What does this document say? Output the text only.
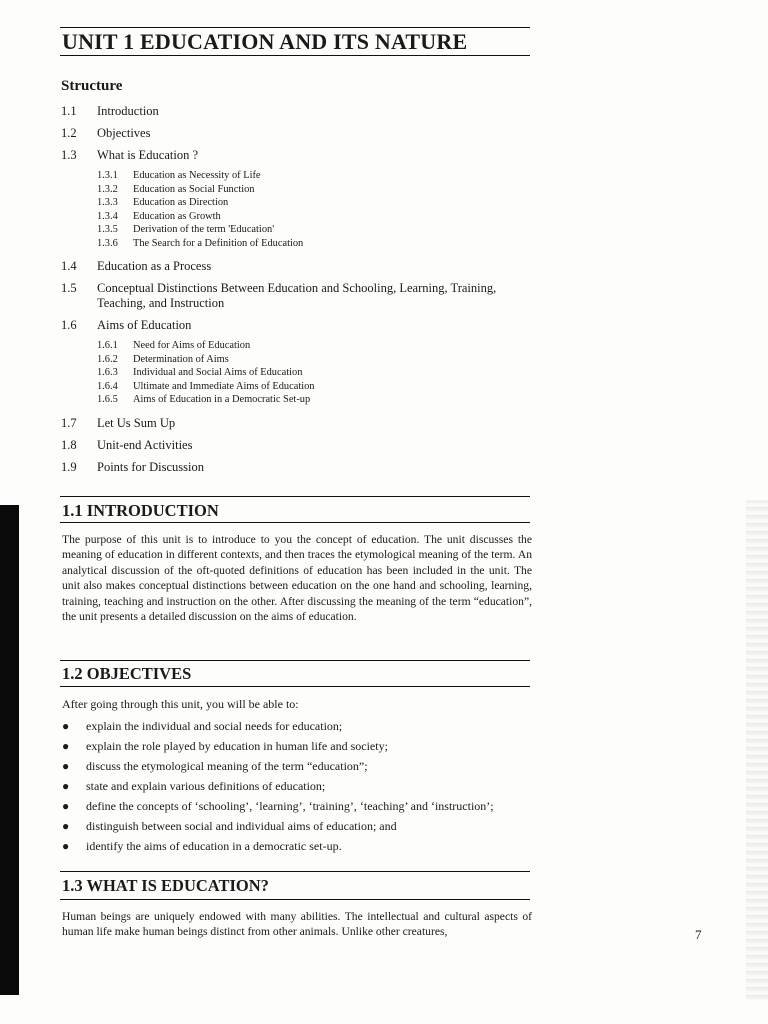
UNIT 1 EDUCATION AND ITS NATURE
Structure
1.1 Introduction
1.2 Objectives
1.3 What is Education ?
1.3.1 Education as Necessity of Life
1.3.2 Education as Social Function
1.3.3 Education as Direction
1.3.4 Education as Growth
1.3.5 Derivation of the term 'Education'
1.3.6 The Search for a Definition of Education
1.4 Education as a Process
1.5 Conceptual Distinctions Between Education and Schooling, Learning, Training, Teaching, and Instruction
1.6 Aims of Education
1.6.1 Need for Aims of Education
1.6.2 Determination of Aims
1.6.3 Individual and Social Aims of Education
1.6.4 Ultimate and Immediate Aims of Education
1.6.5 Aims of Education in a Democratic Set-up
1.7 Let Us Sum Up
1.8 Unit-end Activities
1.9 Points for Discussion
1.1 INTRODUCTION
The purpose of this unit is to introduce to you the concept of education. The unit discusses the meaning of education in different contexts, and then traces the etymological meaning of the term. An analytical discussion of the oft-quoted definitions of education has been included in the unit. The unit also makes conceptual distinctions between education on the one hand and schooling, learning, training, teaching and instruction on the other. After discussing the meaning of the term “education”, the unit presents a detailed discussion on the aims of education.
1.2 OBJECTIVES
After going through this unit, you will be able to:
● explain the individual and social needs for education;
● explain the role played by education in human life and society;
● discuss the etymological meaning of the term “education”;
● state and explain various definitions of education;
● define the concepts of ‘schooling’, ‘learning’, ‘training’, ‘teaching’ and ‘instruction’;
● distinguish between social and individual aims of education; and
● identify the aims of education in a democratic set-up.
1.3 WHAT IS EDUCATION?
Human beings are uniquely endowed with many abilities. The intellectual and cultural aspects of human life make human beings distinct from other animals. Unlike other creatures,	7
